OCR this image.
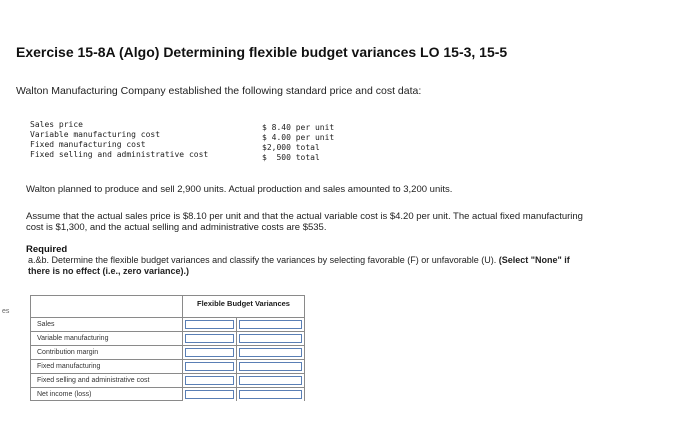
es
Exercise 15-8A (Algo) Determining flexible budget variances LO 15-3, 15-5
Walton Manufacturing Company established the following standard price and cost data:
Sales price
Variable manufacturing cost
Fixed manufacturing cost
Fixed selling and administrative cost
$ 8.40 per unit
$ 4.00 per unit
$2,000 total
$  500 total
Walton planned to produce and sell 2,900 units. Actual production and sales amounted to 3,200 units.
Assume that the actual sales price is $8.10 per unit and that the actual variable cost is $4.20 per unit. The actual fixed manufacturing
cost is $1,300, and the actual selling and administrative costs are $535.
Required
a.&b. Determine the flexible budget variances and classify the variances by selecting favorable (F) or unfavorable (U). (Select "None" if
there is no effect (i.e., zero variance).)
Flexible Budget Variances
Sales
Variable manufacturing
Contribution margin
Fixed manufacturing
Fixed selling and administrative cost
Net income (loss)
